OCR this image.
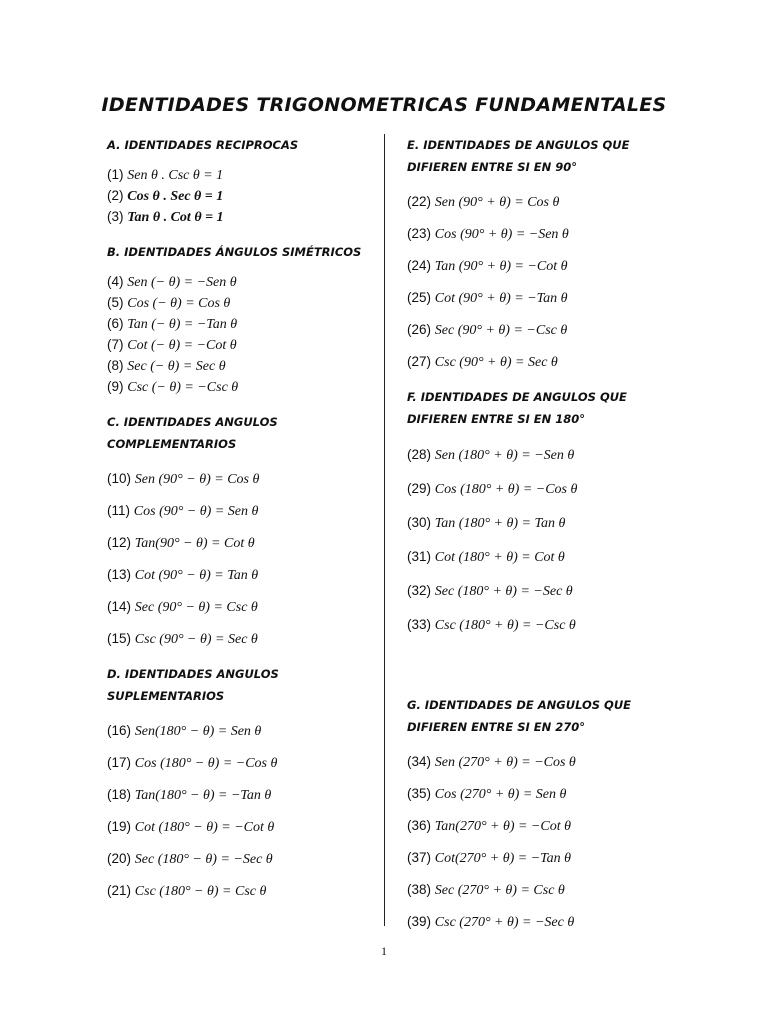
IDENTIDADES TRIGONOMETRICAS FUNDAMENTALES

A. IDENTIDADES RECIPROCAS

(1) Sen θ . Csc θ = 1

(2) Cos θ . Sec θ = 1

(3) Tan θ . Cot θ = 1

B. IDENTIDADES ÁNGULOS SIMÉTRICOS

(4) Sen (− θ) = −Sen θ

(5) Cos (− θ) = Cos θ

(6) Tan (− θ) = −Tan θ

(7) Cot (− θ) = −Cot θ

(8) Sec (− θ) = Sec θ

(9) Csc (− θ) = −Csc θ

C. IDENTIDADES ANGULOS

COMPLEMENTARIOS

(10) Sen (90° − θ) = Cos θ

(11) Cos (90° − θ) = Sen θ

(12) Tan(90° − θ) = Cot θ

(13) Cot (90° − θ) = Tan θ

(14) Sec (90° − θ) = Csc θ

(15) Csc (90° − θ) = Sec θ

D. IDENTIDADES ANGULOS

SUPLEMENTARIOS

(16) Sen(180° − θ) = Sen θ

(17) Cos (180° − θ) = −Cos θ

(18) Tan(180° − θ) = −Tan θ

(19) Cot (180° − θ) = −Cot θ

(20) Sec (180° − θ) = −Sec θ

(21) Csc (180° − θ) = Csc θ

E. IDENTIDADES DE ANGULOS QUE

DIFIEREN ENTRE SI EN 90°

(22) Sen (90° + θ) = Cos θ

(23) Cos (90° + θ) = −Sen θ

(24) Tan (90° + θ) = −Cot θ

(25) Cot (90° + θ) = −Tan θ

(26) Sec (90° + θ) = −Csc θ

(27) Csc (90° + θ) = Sec θ

F. IDENTIDADES DE ANGULOS QUE

DIFIEREN ENTRE SI EN 180°

(28) Sen (180° + θ) = −Sen θ

(29) Cos (180° + θ) = −Cos θ

(30) Tan (180° + θ) = Tan θ

(31) Cot (180° + θ) = Cot θ

(32) Sec (180° + θ) = −Sec θ

(33) Csc (180° + θ) = −Csc θ

G. IDENTIDADES DE ANGULOS QUE

DIFIEREN ENTRE SI EN 270°

(34) Sen (270° + θ) = −Cos θ

(35) Cos (270° + θ) = Sen θ

(36) Tan(270° + θ) = −Cot θ

(37) Cot(270° + θ) = −Tan θ

(38) Sec (270° + θ) = Csc θ

(39) Csc (270° + θ) = −Sec θ

1
